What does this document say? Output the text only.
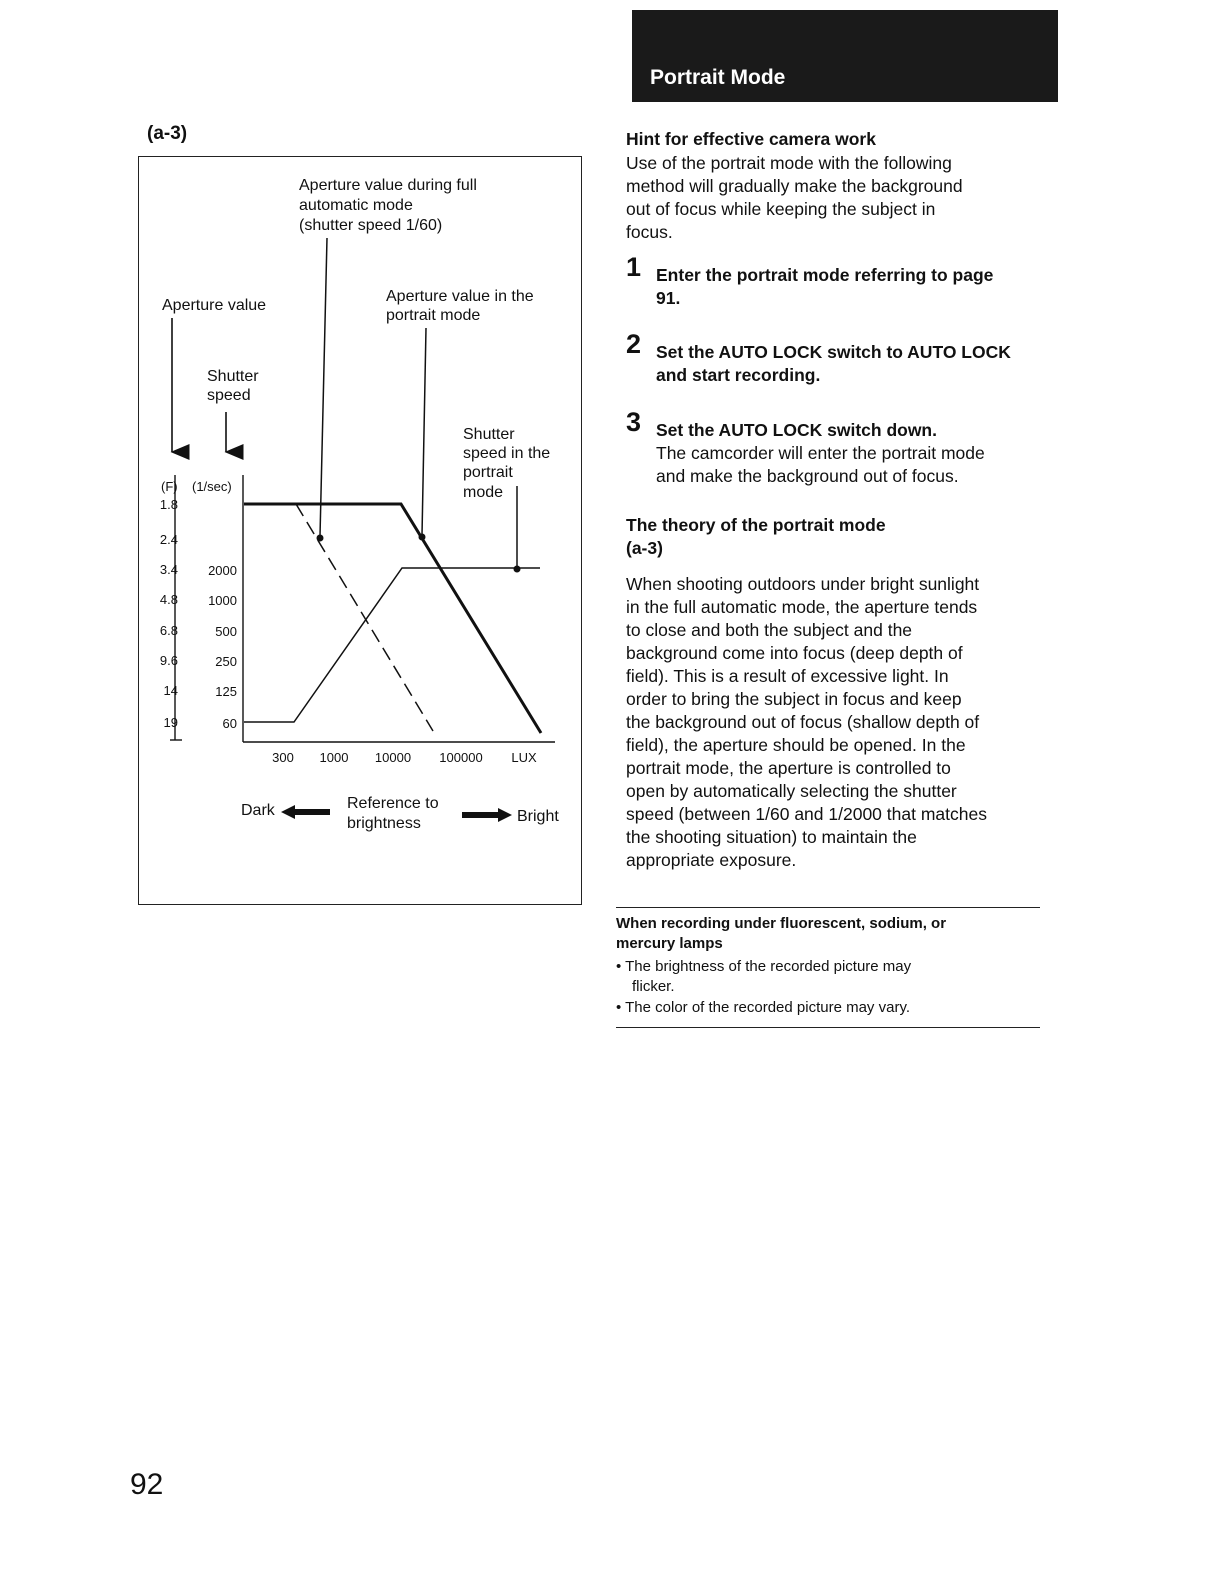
Portrait Mode
(a-3)
Aperture value during full
automatic mode
(shutter speed 1/60)
Aperture value
Aperture value in the
portrait mode
Shutter
speed
Shutter
speed in the
portrait
mode
(F) (1/sec)
1.8
2.4
3.4
4.8
6.8
9.6
14
19
2000
1000
500
250
125
60
300 1000 10000 100000 LUX
Dark	Reference to
brightness	Bright
Hint for effective camera work
Use of the portrait mode with the following
method will gradually make the background
out of focus while keeping the subject in
focus.
1 Enter the portrait mode referring to page
91.
2 Set the AUTO LOCK switch to AUTO LOCK
and start recording.
3 Set the AUTO LOCK switch down.
The camcorder will enter the portrait mode
and make the background out of focus.
The theory of the portrait mode
(a-3)
When shooting outdoors under bright sunlight
in the full automatic mode, the aperture tends
to close and both the subject and the
background come into focus (deep depth of
field). This is a result of excessive light. In
order to bring the subject in focus and keep
the background out of focus (shallow depth of
field), the aperture should be opened. In the
portrait mode, the aperture is controlled to
open by automatically selecting the shutter
speed (between 1/60 and 1/2000 that matches
the shooting situation) to maintain the
appropriate exposure.
When recording under fluorescent, sodium, or
mercury lamps
• The brightness of the recorded picture may
flicker.
• The color of the recorded picture may vary.
92
